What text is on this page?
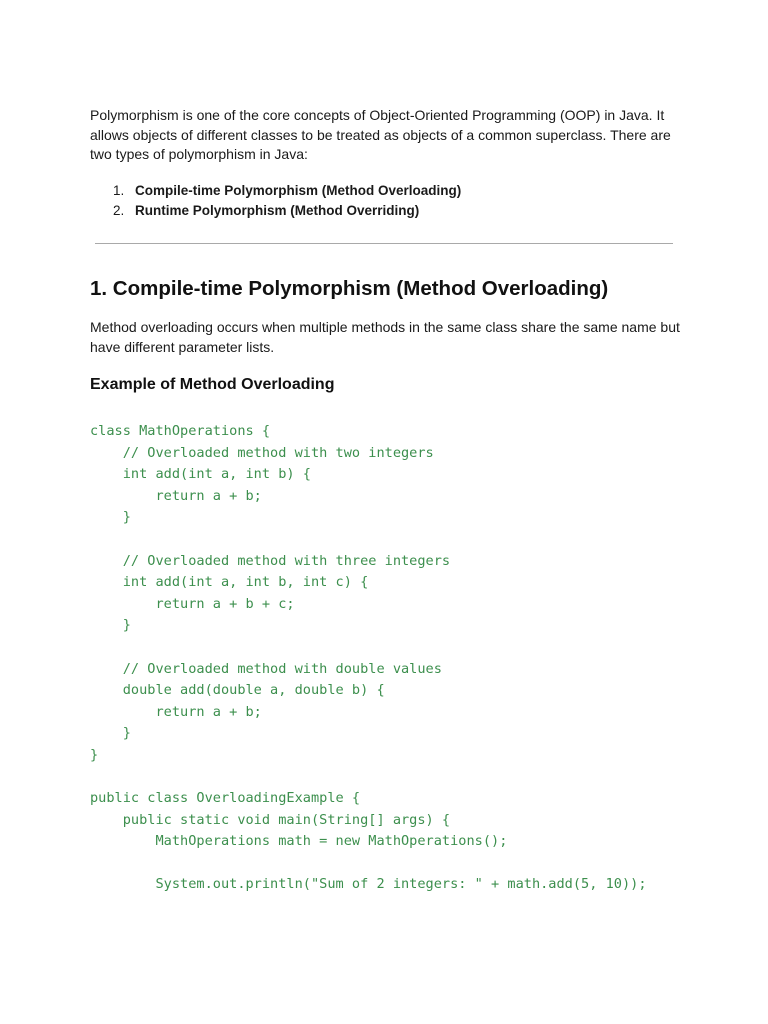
Polymorphism is one of the core concepts of Object-Oriented Programming (OOP) in Java. It allows objects of different classes to be treated as objects of a common superclass. There are two types of polymorphism in Java:

1. Compile-time Polymorphism (Method Overloading)
2. Runtime Polymorphism (Method Overriding)
1. Compile-time Polymorphism (Method Overloading)

Method overloading occurs when multiple methods in the same class share the same name but have different parameter lists.

Example of Method Overloading
class MathOperations {
// Overloaded method with two integers
int add(int a, int b) {
return a + b;
}
// Overloaded method with three integers
int add(int a, int b, int c) {
return a + b + c;
}
// Overloaded method with double values
double add(double a, double b) {
return a + b;
}
}
public class OverloadingExample {
public static void main(String[] args) {
MathOperations math = new MathOperations();
System.out.println("Sum of 2 integers: " + math.add(5, 10));
